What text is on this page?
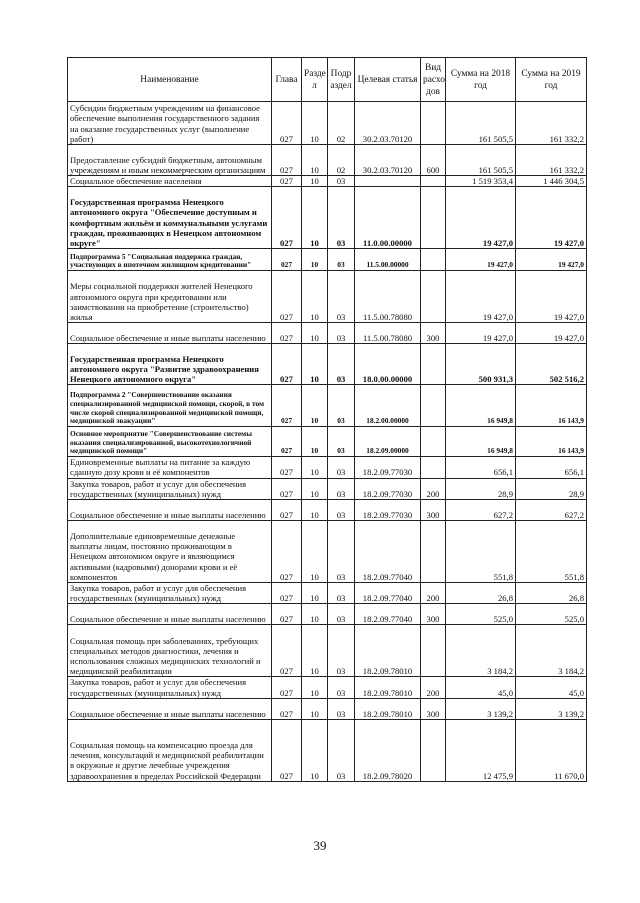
Наименование	Глава	Разде л	Подр аздел	Целевая статья	Вид расхо дов	Сумма на 2018 год	Сумма на 2019 год
Субсидии бюджетным учреждениям на финансовое обеспечение выполнения государственного задания на оказание государственных услуг (выполнение работ)	027	10	02	30.2.03.70120		161 505,5	161 332,2
Предоставление субсидий бюджетным, автономным учреждениям и иным некоммерческим организациям	027	10	02	30.2.03.70120	600	161 505,5	161 332,2
Социальное обеспечение населения	027	10	03			1 519 353,4	1 446 304,5
Государственная программа Ненецкого автономного округа "Обеспечение доступным и комфортным жильём и коммунальными услугами граждан, проживающих в Ненецком автономном округе"	027	10	03	11.0.00.00000		19 427,0	19 427,0
Подпрограмма 5 "Социальная поддержка граждан, участвующих в ипотечном жилищном кредитовании"	027	10	03	11.5.00.00000		19 427,0	19 427,0
Меры социальной поддержки жителей Ненецкого автономного округа при кредитовании или заимствовании на приобретение (строительство) жилья	027	10	03	11.5.00.78080		19 427,0	19 427,0
Социальное обеспечение и иные выплаты населению	027	10	03	11.5.00.78080	300	19 427,0	19 427,0
Государственная программа Ненецкого автономного округа "Развитие здравоохранения Ненецкого автономного округа"	027	10	03	18.0.00.00000		500 931,3	502 516,2
Подпрограмма 2 "Совершенствование оказания специализированной медицинской помощи, скорой, в том числе скорой специализированной медицинской помощи, медицинской эвакуации"	027	10	03	18.2.00.00000		16 949,8	16 143,9
Основное мероприятие "Совершенствование системы оказания специализированной, высокотехнологичной медицинской помощи"	027	10	03	18.2.09.00000		16 949,8	16 143,9
Единовременные выплаты на питание за каждую сданную дозу крови и её компонентов	027	10	03	18.2.09.77030		656,1	656,1
Закупка товаров, работ и услуг для обеспечения государственных (муниципальных) нужд	027	10	03	18.2.09.77030	200	28,9	28,9
Социальное обеспечение и иные выплаты населению	027	10	03	18.2.09.77030	300	627,2	627,2
Дополнительные единовременные денежные выплаты лицам, постоянно проживающим в Ненецком автономном округе и являющимся активными (кадровыми) донорами крови и её компонентов	027	10	03	18.2.09.77040		551,8	551,8
Закупка товаров, работ и услуг для обеспечения государственных (муниципальных) нужд	027	10	03	18.2.09.77040	200	26,8	26,8
Социальное обеспечение и иные выплаты населению	027	10	03	18.2.09.77040	300	525,0	525,0
Социальная помощь при заболеваниях, требующих специальных методов диагностики, лечения и использования сложных медицинских технологий и медицинской реабилитации	027	10	03	18.2.09.78010		3 184,2	3 184,2
Закупка товаров, работ и услуг для обеспечения государственных (муниципальных) нужд	027	10	03	18.2.09.78010	200	45,0	45,0
Социальное обеспечение и иные выплаты населению	027	10	03	18.2.09.78010	300	3 139,2	3 139,2
Социальная помощь на компенсацию проезда для лечения, консультаций и медицинской реабилитации в окружные и другие лечебные учреждения здравоохранения в пределах Российской Федерации	027	10	03	18.2.09.78020		12 475,9	11 670,0
39
